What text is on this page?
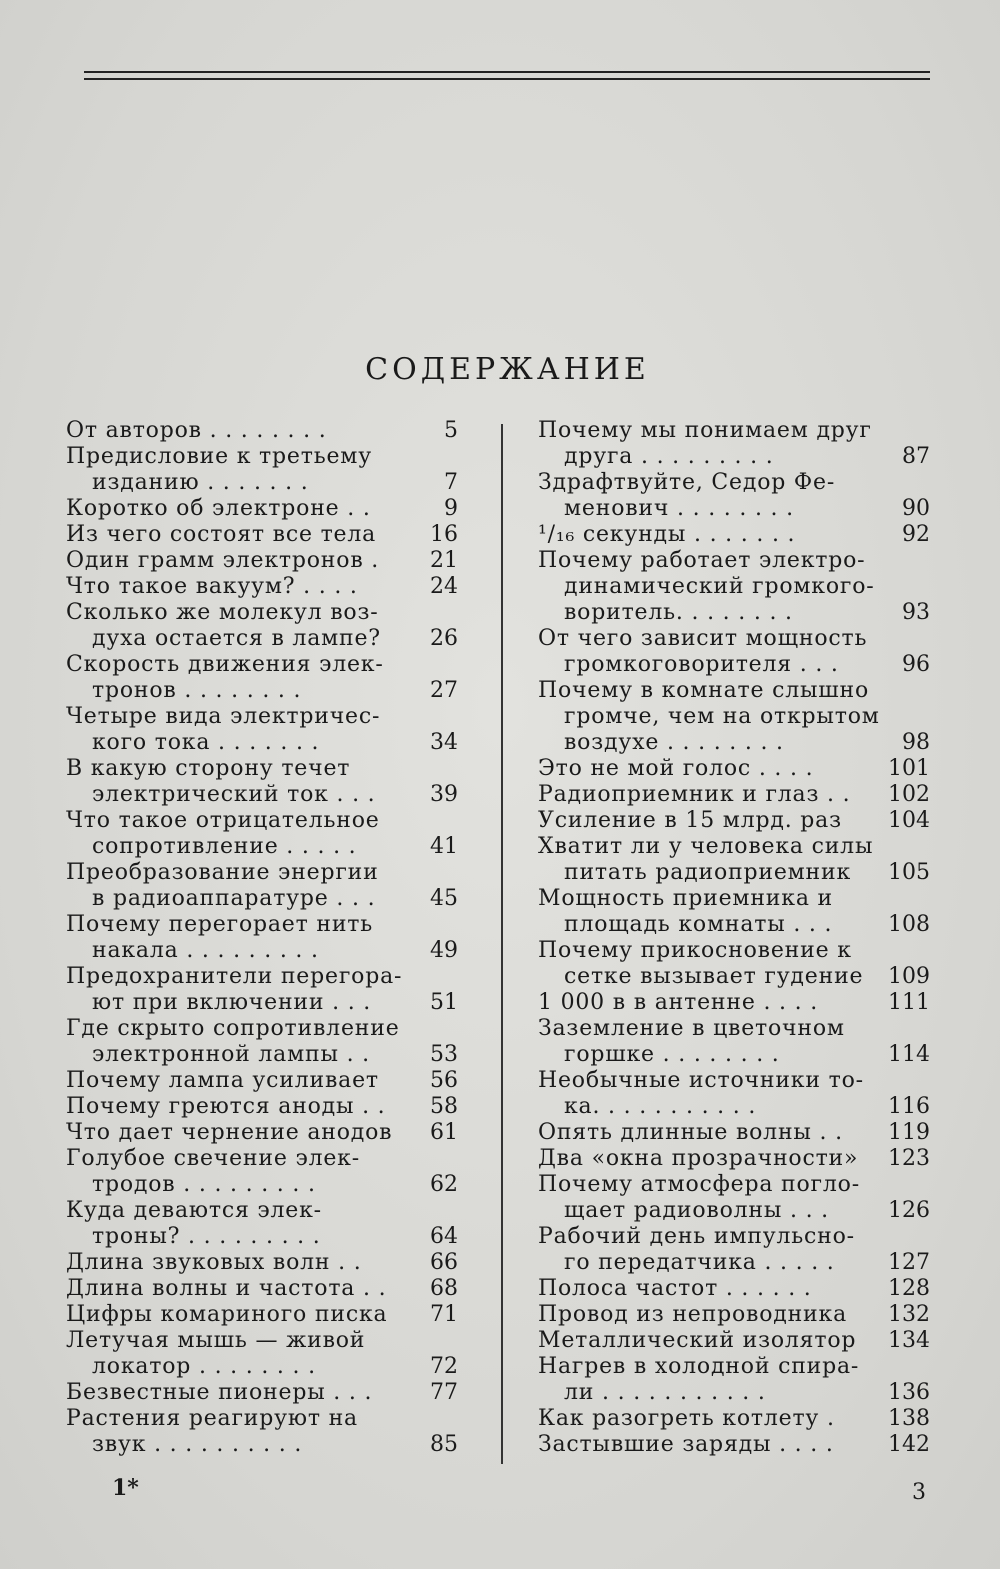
СОДЕРЖАНИЕ
От авторов . . . . . . . .	5
Предисловие к третьему
изданию . . . . . . .	7
Коротко об электроне . .	9
Из чего состоят все тела	16
Один грамм электронов .	21
Что такое вакуум? . . . .	24
Сколько же молекул воз-
духа остается в лампе?	26
Скорость движения элек-
тронов . . . . . . . .	27
Четыре вида электричес-
кого тока . . . . . . .	34
В какую сторону течет
электрический ток . . .	39
Что такое отрицательное
сопротивление . . . . .	41
Преобразование энергии
в радиоаппаратуре . . .	45
Почему перегорает нить
накала . . . . . . . . .	49
Предохранители перегора-
ют при включении . . .	51
Где скрыто сопротивление
электронной лампы . .	53
Почему лампа усиливает	56
Почему греются аноды . .	58
Что дает чернение анодов	61
Голубое свечение элек-
тродов . . . . . . . . .	62
Куда деваются элек-
троны? . . . . . . . . .	64
Длина звуковых волн . .	66
Длина волны и частота . .	68
Цифры комариного писка	71
Летучая мышь — живой
локатор . . . . . . . .	72
Безвестные пионеры . . .	77
Растения реагируют на
звук . . . . . . . . . .	85
Почему мы понимаем друг
друга . . . . . . . . .	87
Здрафтвуйте, Седор Фе-
менович . . . . . . . .	90
¹/₁₆ секунды . . . . . . .	92
Почему работает электро-
динамический громкого-
воритель. . . . . . . .	93
От чего зависит мощность
громкоговорителя . . .	96
Почему в комнате слышно
громче, чем на открытом
воздухе . . . . . . . .	98
Это не мой голос . . . .	101
Радиоприемник и глаз . .	102
Усиление в 15 млрд. раз	104
Хватит ли у человека силы
питать радиоприемник	105
Мощность приемника и
площадь комнаты . . .	108
Почему прикосновение к
сетке вызывает гудение	109
1 000 в в антенне . . . .	111
Заземление в цветочном
горшке . . . . . . . .	114
Необычные источники то-
ка. . . . . . . . . . .	116
Опять длинные волны . .	119
Два «окна прозрачности»	123
Почему атмосфера погло-
щает радиоволны . . .	126
Рабочий день импульсно-
го передатчика . . . . .	127
Полоса частот . . . . . .	128
Провод из непроводника	132
Металлический изолятор	134
Нагрев в холодной спира-
ли . . . . . . . . . . .	136
Как разогреть котлету .	138
Застывшие заряды . . . .	142
1*	3
